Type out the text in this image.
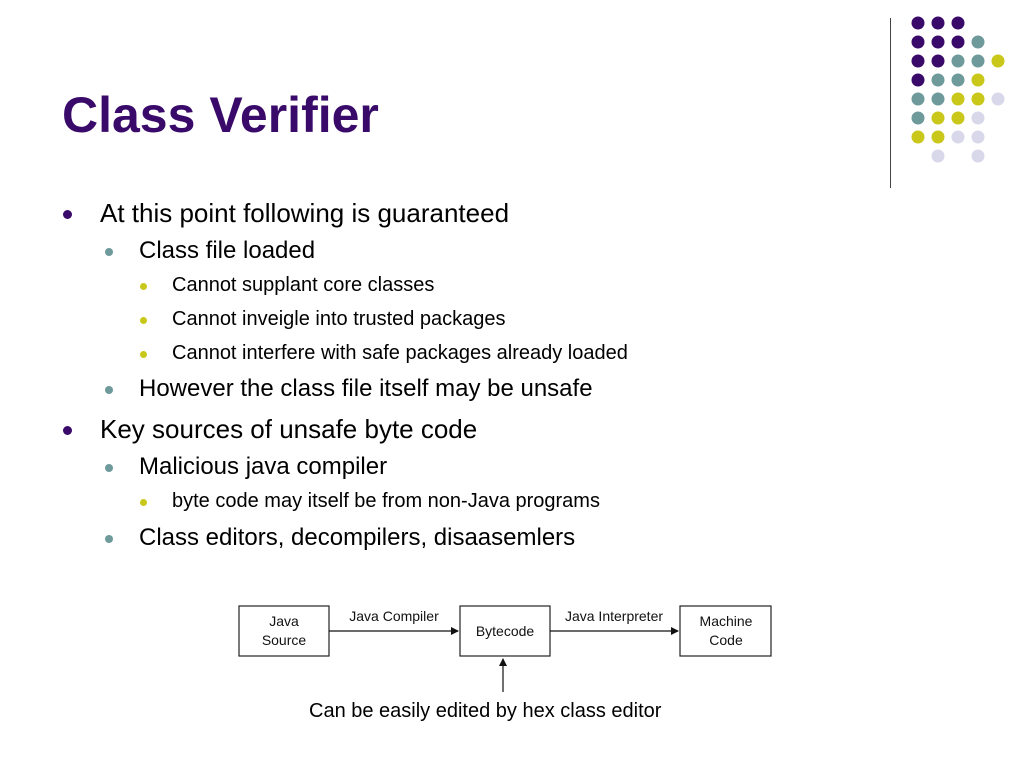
Class Verifier
At this point following is guaranteed
Class file loaded
Cannot supplant core classes
Cannot inveigle into trusted packages
Cannot interfere with safe packages already loaded
However the class file itself may be unsafe
Key sources of unsafe byte code
Malicious java compiler
byte code may itself be from non-Java programs
Class editors, decompilers, disaasemlers
Java
Source
Java Compiler
Bytecode
Java Interpreter	Machine
Code
Can be easily edited by hex class editor
